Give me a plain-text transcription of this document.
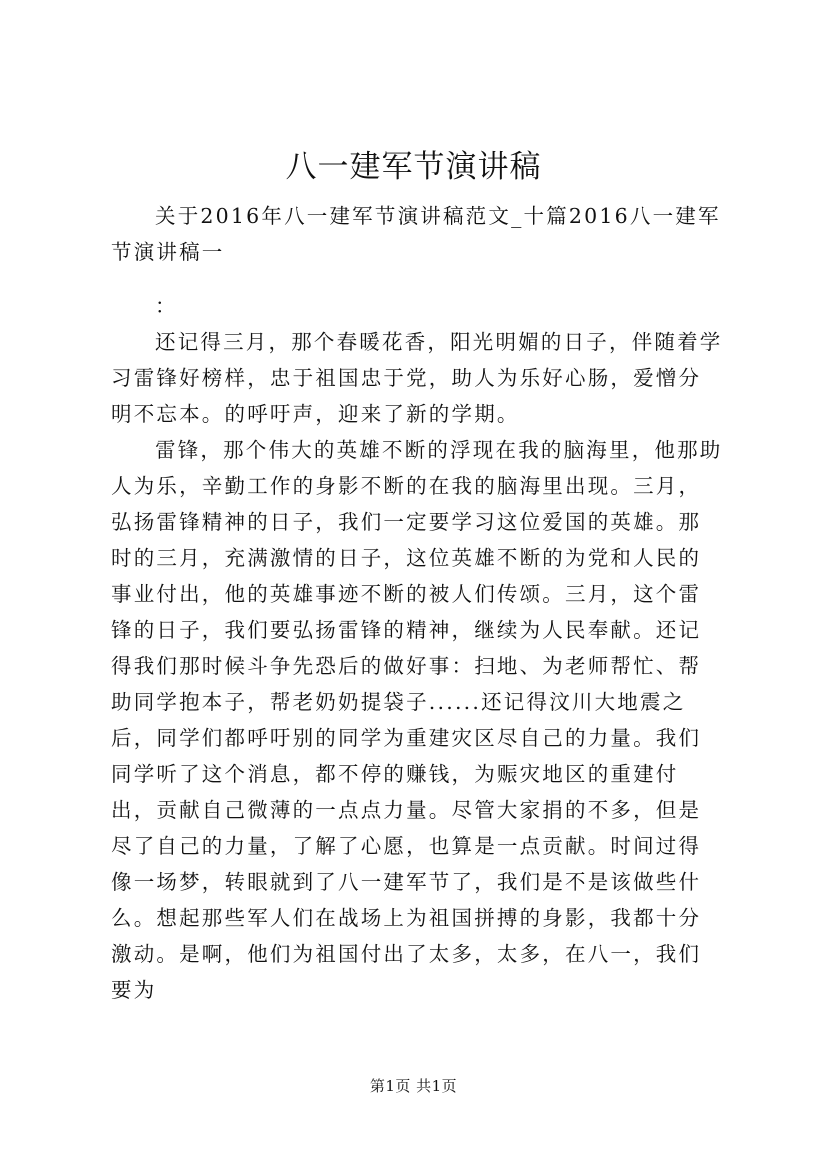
八一建军节演讲稿

关于2016年八一建军节演讲稿范文_十篇2016八一建军节演讲稿一

：

还记得三月，那个春暖花香，阳光明媚的日子，伴随着学习雷锋好榜样，忠于祖国忠于党，助人为乐好心肠，爱憎分明不忘本。的呼吁声，迎来了新的学期。

雷锋，那个伟大的英雄不断的浮现在我的脑海里，他那助人为乐，辛勤工作的身影不断的在我的脑海里出现。三月，弘扬雷锋精神的日子，我们一定要学习这位爱国的英雄。那时的三月，充满激情的日子，这位英雄不断的为党和人民的事业付出，他的英雄事迹不断的被人们传颂。三月，这个雷锋的日子，我们要弘扬雷锋的精神，继续为人民奉献。还记得我们那时候斗争先恐后的做好事：扫地、为老师帮忙、帮助同学抱本子，帮老奶奶提袋子......还记得汶川大地震之后，同学们都呼吁别的同学为重建灾区尽自己的力量。我们同学听了这个消息，都不停的赚钱，为赈灾地区的重建付出，贡献自己微薄的一点点力量。尽管大家捐的不多，但是尽了自己的力量，了解了心愿，也算是一点贡献。时间过得像一场梦，转眼就到了八一建军节了，我们是不是该做些什么。想起那些军人们在战场上为祖国拼搏的身影，我都十分激动。是啊，他们为祖国付出了太多，太多，在八一，我们要为

第1页 共1页
